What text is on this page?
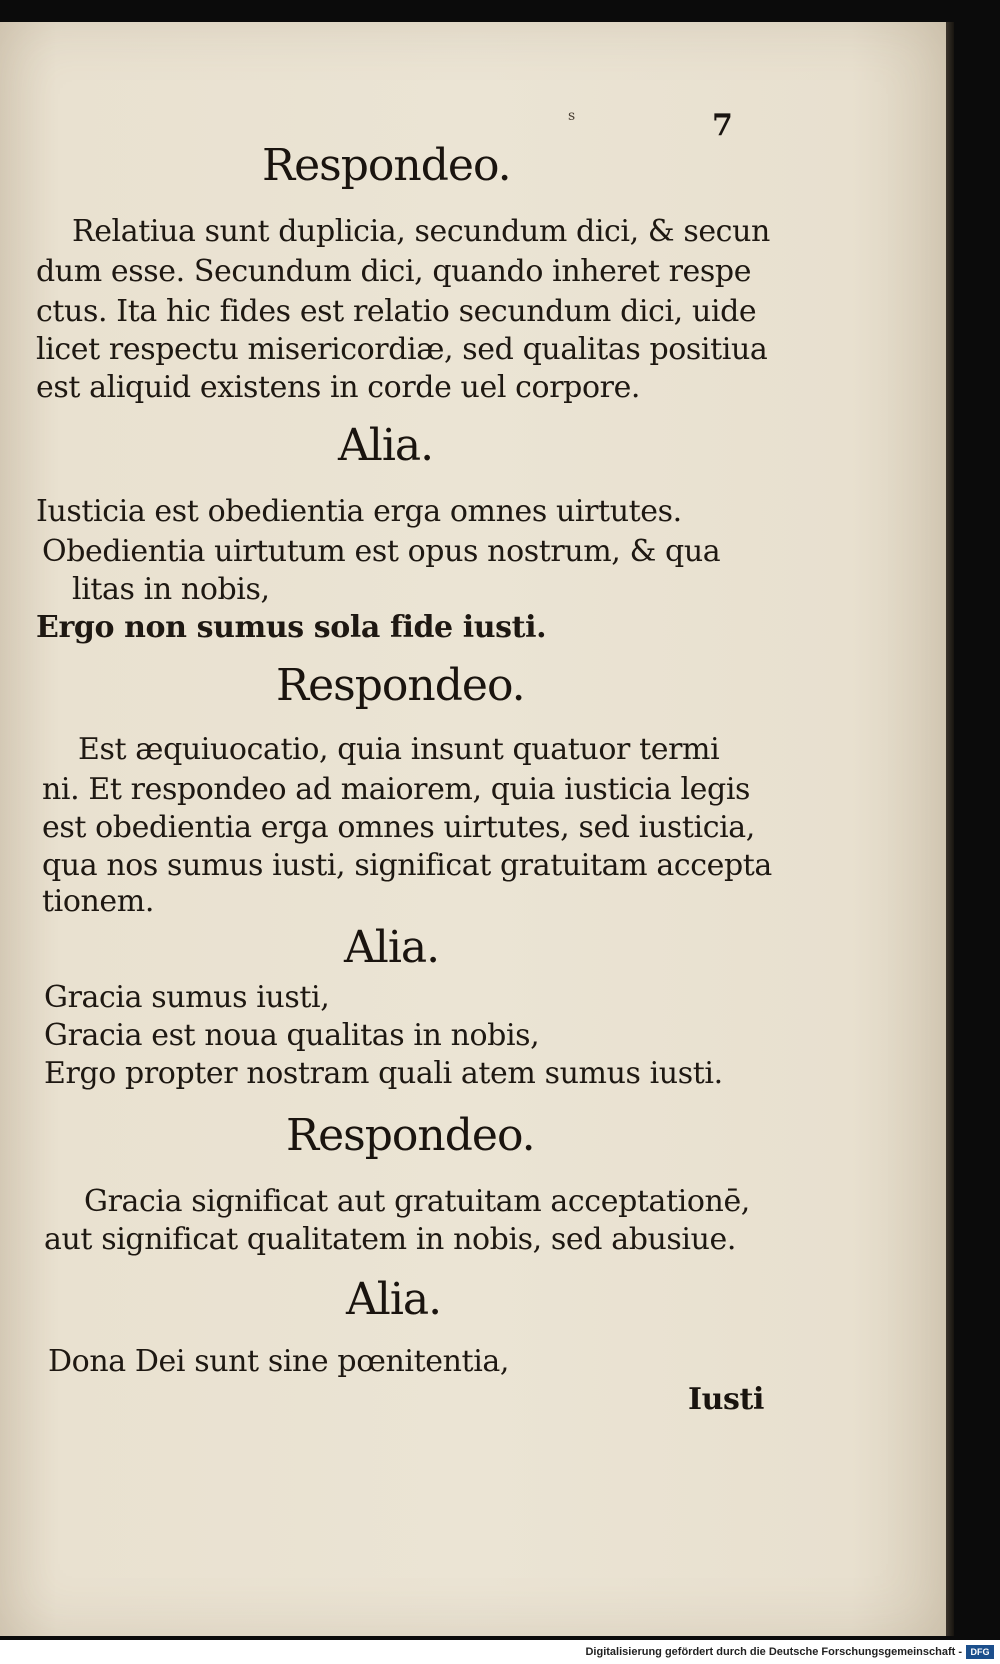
s	7
Respondeo.
Relatiua sunt duplicia, secundum dici, & secun
dum esse. Secundum dici, quando inheret respe
ctus. Ita hic fides est relatio secundum dici, uide
licet respectu misericordiæ, sed qualitas positiua
est aliquid existens in corde uel corpore.
Alia.
Iusticia est obedientia erga omnes uirtutes.
Obedientia uirtutum est opus nostrum, & qua
litas in nobis,
Ergo non sumus sola fide iusti.
Respondeo.
Est æquiuocatio, quia insunt quatuor termi
ni. Et respondeo ad maiorem, quia iusticia legis
est obedientia erga omnes uirtutes, sed iusticia,
qua nos sumus iusti, significat gratuitam accepta
tionem.
Alia.
Gracia sumus iusti,
Gracia est noua qualitas in nobis,
Ergo propter nostram quali atem sumus iusti.
Respondeo.
Gracia significat aut gratuitam acceptationē,
aut significat qualitatem in nobis, sed abusiue.
Alia.
Dona Dei sunt sine pœnitentia,
Iusti
Digitalisierung gefördert durch die Deutsche Forschungsgemeinschaft - DFG
